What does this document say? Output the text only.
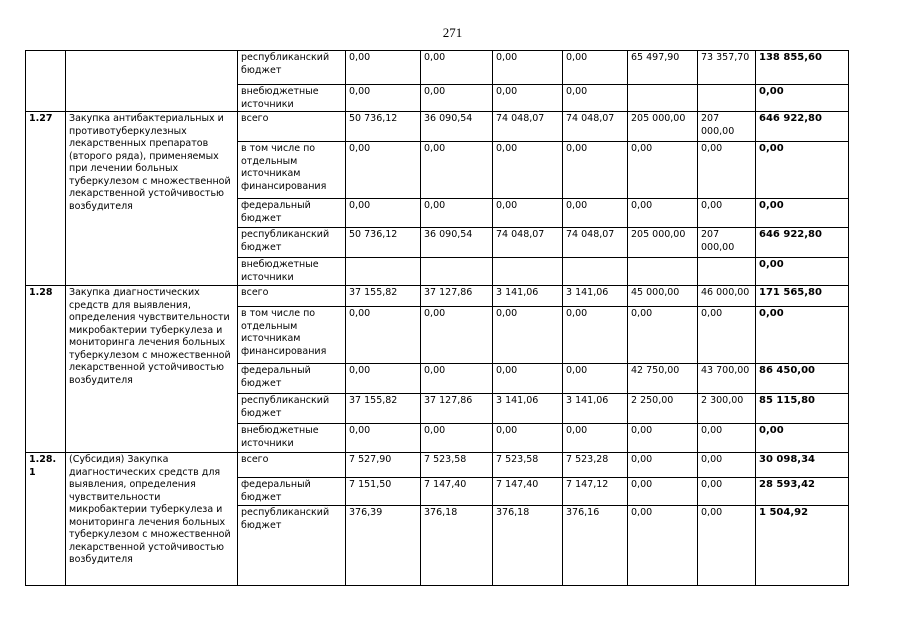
271
		республиканский бюджет	0,00	0,00	0,00	0,00	65 497,90	73 357,70	138 855,60
		внебюджетные источники	0,00	0,00	0,00	0,00			0,00
1.27	Закупка антибактериальных и противотуберкулезных лекарственных препаратов (второго ряда), применяемых при лечении больных туберкулезом с множественной лекарственной устойчивостью возбудителя	всего	50 736,12	36 090,54	74 048,07	74 048,07	205 000,00	207 000,00	646 922,80
		в том числе по отдельным источникам финансирования	0,00	0,00	0,00	0,00	0,00	0,00	0,00
		федеральный бюджет	0,00	0,00	0,00	0,00	0,00	0,00	0,00
		республиканский бюджет	50 736,12	36 090,54	74 048,07	74 048,07	205 000,00	207 000,00	646 922,80
		внебюджетные источники							0,00
1.28	Закупка диагностических средств для выявления, определения чувствительности микробактерии туберкулеза и мониторинга лечения больных туберкулезом с множественной лекарственной устойчивостью возбудителя	всего	37 155,82	37 127,86	3 141,06	3 141,06	45 000,00	46 000,00	171 565,80
		в том числе по отдельным источникам финансирования	0,00	0,00	0,00	0,00	0,00	0,00	0,00
		федеральный бюджет	0,00	0,00	0,00	0,00	42 750,00	43 700,00	86 450,00
		республиканский бюджет	37 155,82	37 127,86	3 141,06	3 141,06	2 250,00	2 300,00	85 115,80
		внебюджетные источники	0,00	0,00	0,00	0,00	0,00	0,00	0,00
1.28.1	(Субсидия) Закупка диагностических средств для выявления, определения чувствительности микробактерии туберкулеза и мониторинга лечения больных туберкулезом с множественной лекарственной устойчивостью возбудителя	всего	7 527,90	7 523,58	7 523,58	7 523,28	0,00	0,00	30 098,34
		федеральный бюджет	7 151,50	7 147,40	7 147,40	7 147,12	0,00	0,00	28 593,42
		республиканский бюджет	376,39	376,18	376,18	376,16	0,00	0,00	1 504,92
